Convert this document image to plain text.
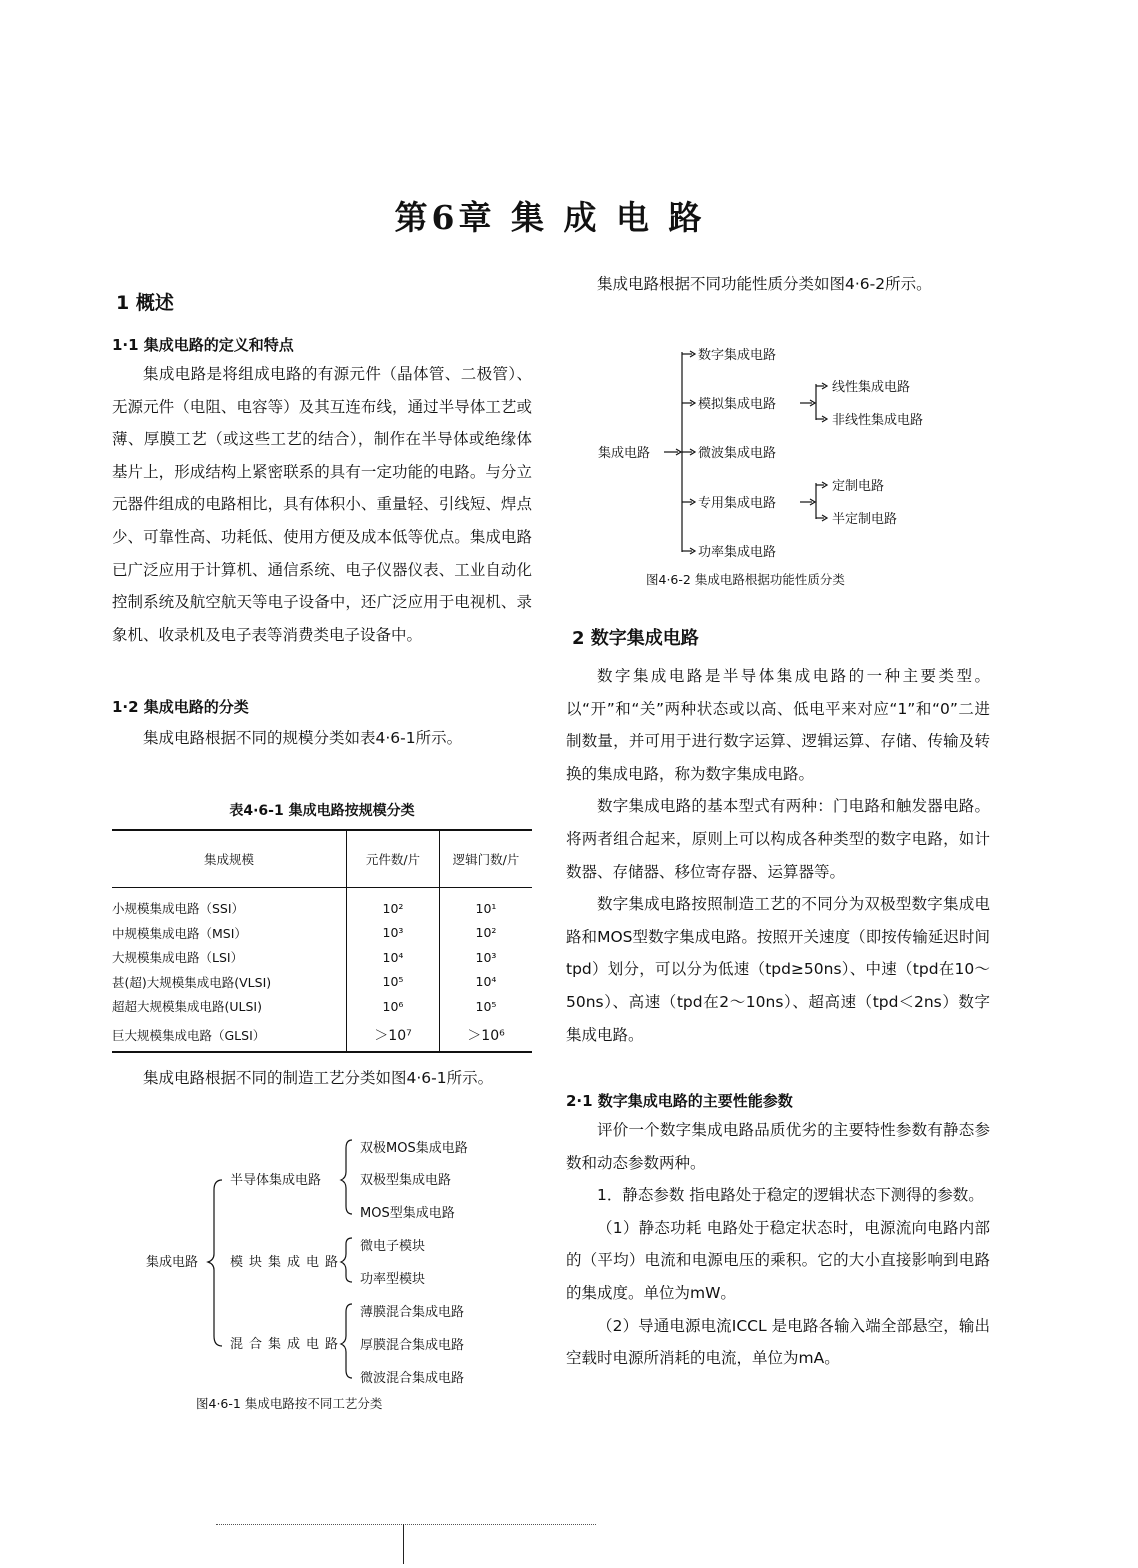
第6章 集 成 电 路
1 概述
1·1 集成电路的定义和特点

集成电路是将组成电路的有源元件（晶体管、二极管）、无源元件（电阻、电容等）及其互连布线，通过半导体工艺或薄、厚膜工艺（或这些工艺的结合），制作在半导体或绝缘体基片上，形成结构上紧密联系的具有一定功能的电路。与分立元器件组成的电路相比，具有体积小、重量轻、引线短、焊点少、可靠性高、功耗低、使用方便及成本低等优点。集成电路已广泛应用于计算机、通信系统、电子仪器仪表、工业自动化控制系统及航空航天等电子设备中，还广泛应用于电视机、录象机、收录机及电子表等消费类电子设备中。

1·2 集成电路的分类

集成电路根据不同的规模分类如表4·6-1所示。

表4·6-1 集成电路按规模分类
集成规模	元件数/片	逻辑门数/片

小规模集成电路（SSI）	10²	10¹
中规模集成电路（MSI）	10³	10²
大规模集成电路（LSI）	10⁴	10³
甚(超)大规模集成电路(VLSI)	10⁵	10⁴
超超大规模集成电路(ULSI)	10⁶	10⁵
巨大规模集成电路（GLSI）	＞10⁷	＞10⁶

集成电路根据不同的制造工艺分类如图4·6-1所示。

集成电路
半导体集成电路
模块集成电路
混合集成电路
双极MOS集成电路
双极型集成电路
MOS型集成电路
微电子模块
功率型模块
薄膜混合集成电路
厚膜混合集成电路
微波混合集成电路
图4·6-1 集成电路按不同工艺分类

集成电路根据不同功能性质分类如图4·6-2所示。

集成电路
数字集成电路
模拟集成电路
微波集成电路
专用集成电路
功率集成电路
线性集成电路
非线性集成电路
定制电路
半定制电路
图4·6-2 集成电路根据功能性质分类
2 数字集成电路

数字集成电路是半导体集成电路的一种主要类型。以“开”和“关”两种状态或以高、低电平来对应“1”和“0”二进制数量，并可用于进行数字运算、逻辑运算、存储、传输及转换的集成电路，称为数字集成电路。

数字集成电路的基本型式有两种：门电路和触发器电路。将两者组合起来，原则上可以构成各种类型的数字电路，如计数器、存储器、移位寄存器、运算器等。

数字集成电路按照制造工艺的不同分为双极型数字集成电路和MOS型数字集成电路。按照开关速度（即按传输延迟时间tpd）划分，可以分为低速（tpd≥50ns）、中速（tpd在10～50ns）、高速（tpd在2～10ns）、超高速（tpd＜2ns）数字集成电路。

2·1 数字集成电路的主要性能参数

评价一个数字集成电路品质优劣的主要特性参数有静态参数和动态参数两种。

1．静态参数 指电路处于稳定的逻辑状态下测得的参数。

（1）静态功耗 电路处于稳定状态时，电源流向电路内部的（平均）电流和电源电压的乘积。它的大小直接影响到电路的集成度。单位为mW。

（2）导通电源电流ICCL 是电路各输入端全部悬空，输出空载时电源所消耗的电流，单位为mA。
